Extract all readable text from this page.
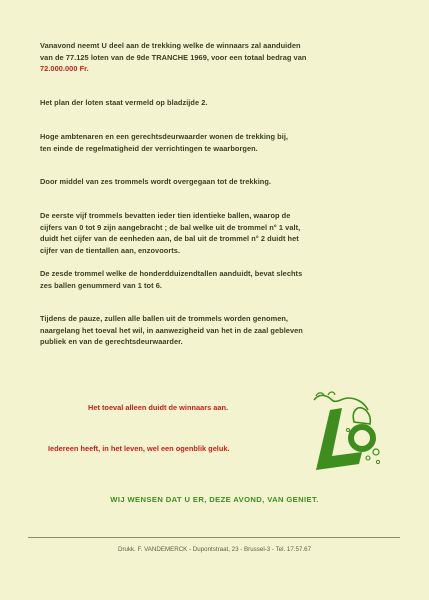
Vanavond neemt U deel aan de trekking welke de winnaars zal aanduiden
van de 77.125 loten van de 9de TRANCHE 1969, voor een totaal bedrag van
72.000.000 Fr.
Het plan der loten staat vermeld op bladzijde 2.
Hoge ambtenaren en een gerechtsdeurwaarder wonen de trekking bij,
ten einde de regelmatigheid der verrichtingen te waarborgen.
Door middel van zes trommels wordt overgegaan tot de trekking.
De eerste vijf trommels bevatten ieder tien identieke ballen, waarop de
cijfers van 0 tot 9 zijn aangebracht ; de bal welke uit de trommel n° 1 valt,
duidt het cijfer van de eenheden aan, de bal uit de trommel n° 2 duidt het
cijfer van de tientallen aan, enzovoorts.
De zesde trommel welke de honderdduizendtallen aanduidt, bevat slechts
zes ballen genummerd van 1 tot 6.
Tijdens de pauze, zullen alle ballen uit de trommels worden genomen,
naargelang het toeval het wil, in aanwezigheid van het in de zaal gebleven
publiek en van de gerechtsdeurwaarder.
Het toeval alleen duidt de winnaars aan.
Iedereen heeft, in het leven, wel een ogenblik geluk.
WIJ WENSEN DAT U ER, DEZE AVOND, VAN GENIET.
Drukk. F. VANDEMERCK - Dupontstraat, 23 - Brussel-3 - Tel. 17.57.67
